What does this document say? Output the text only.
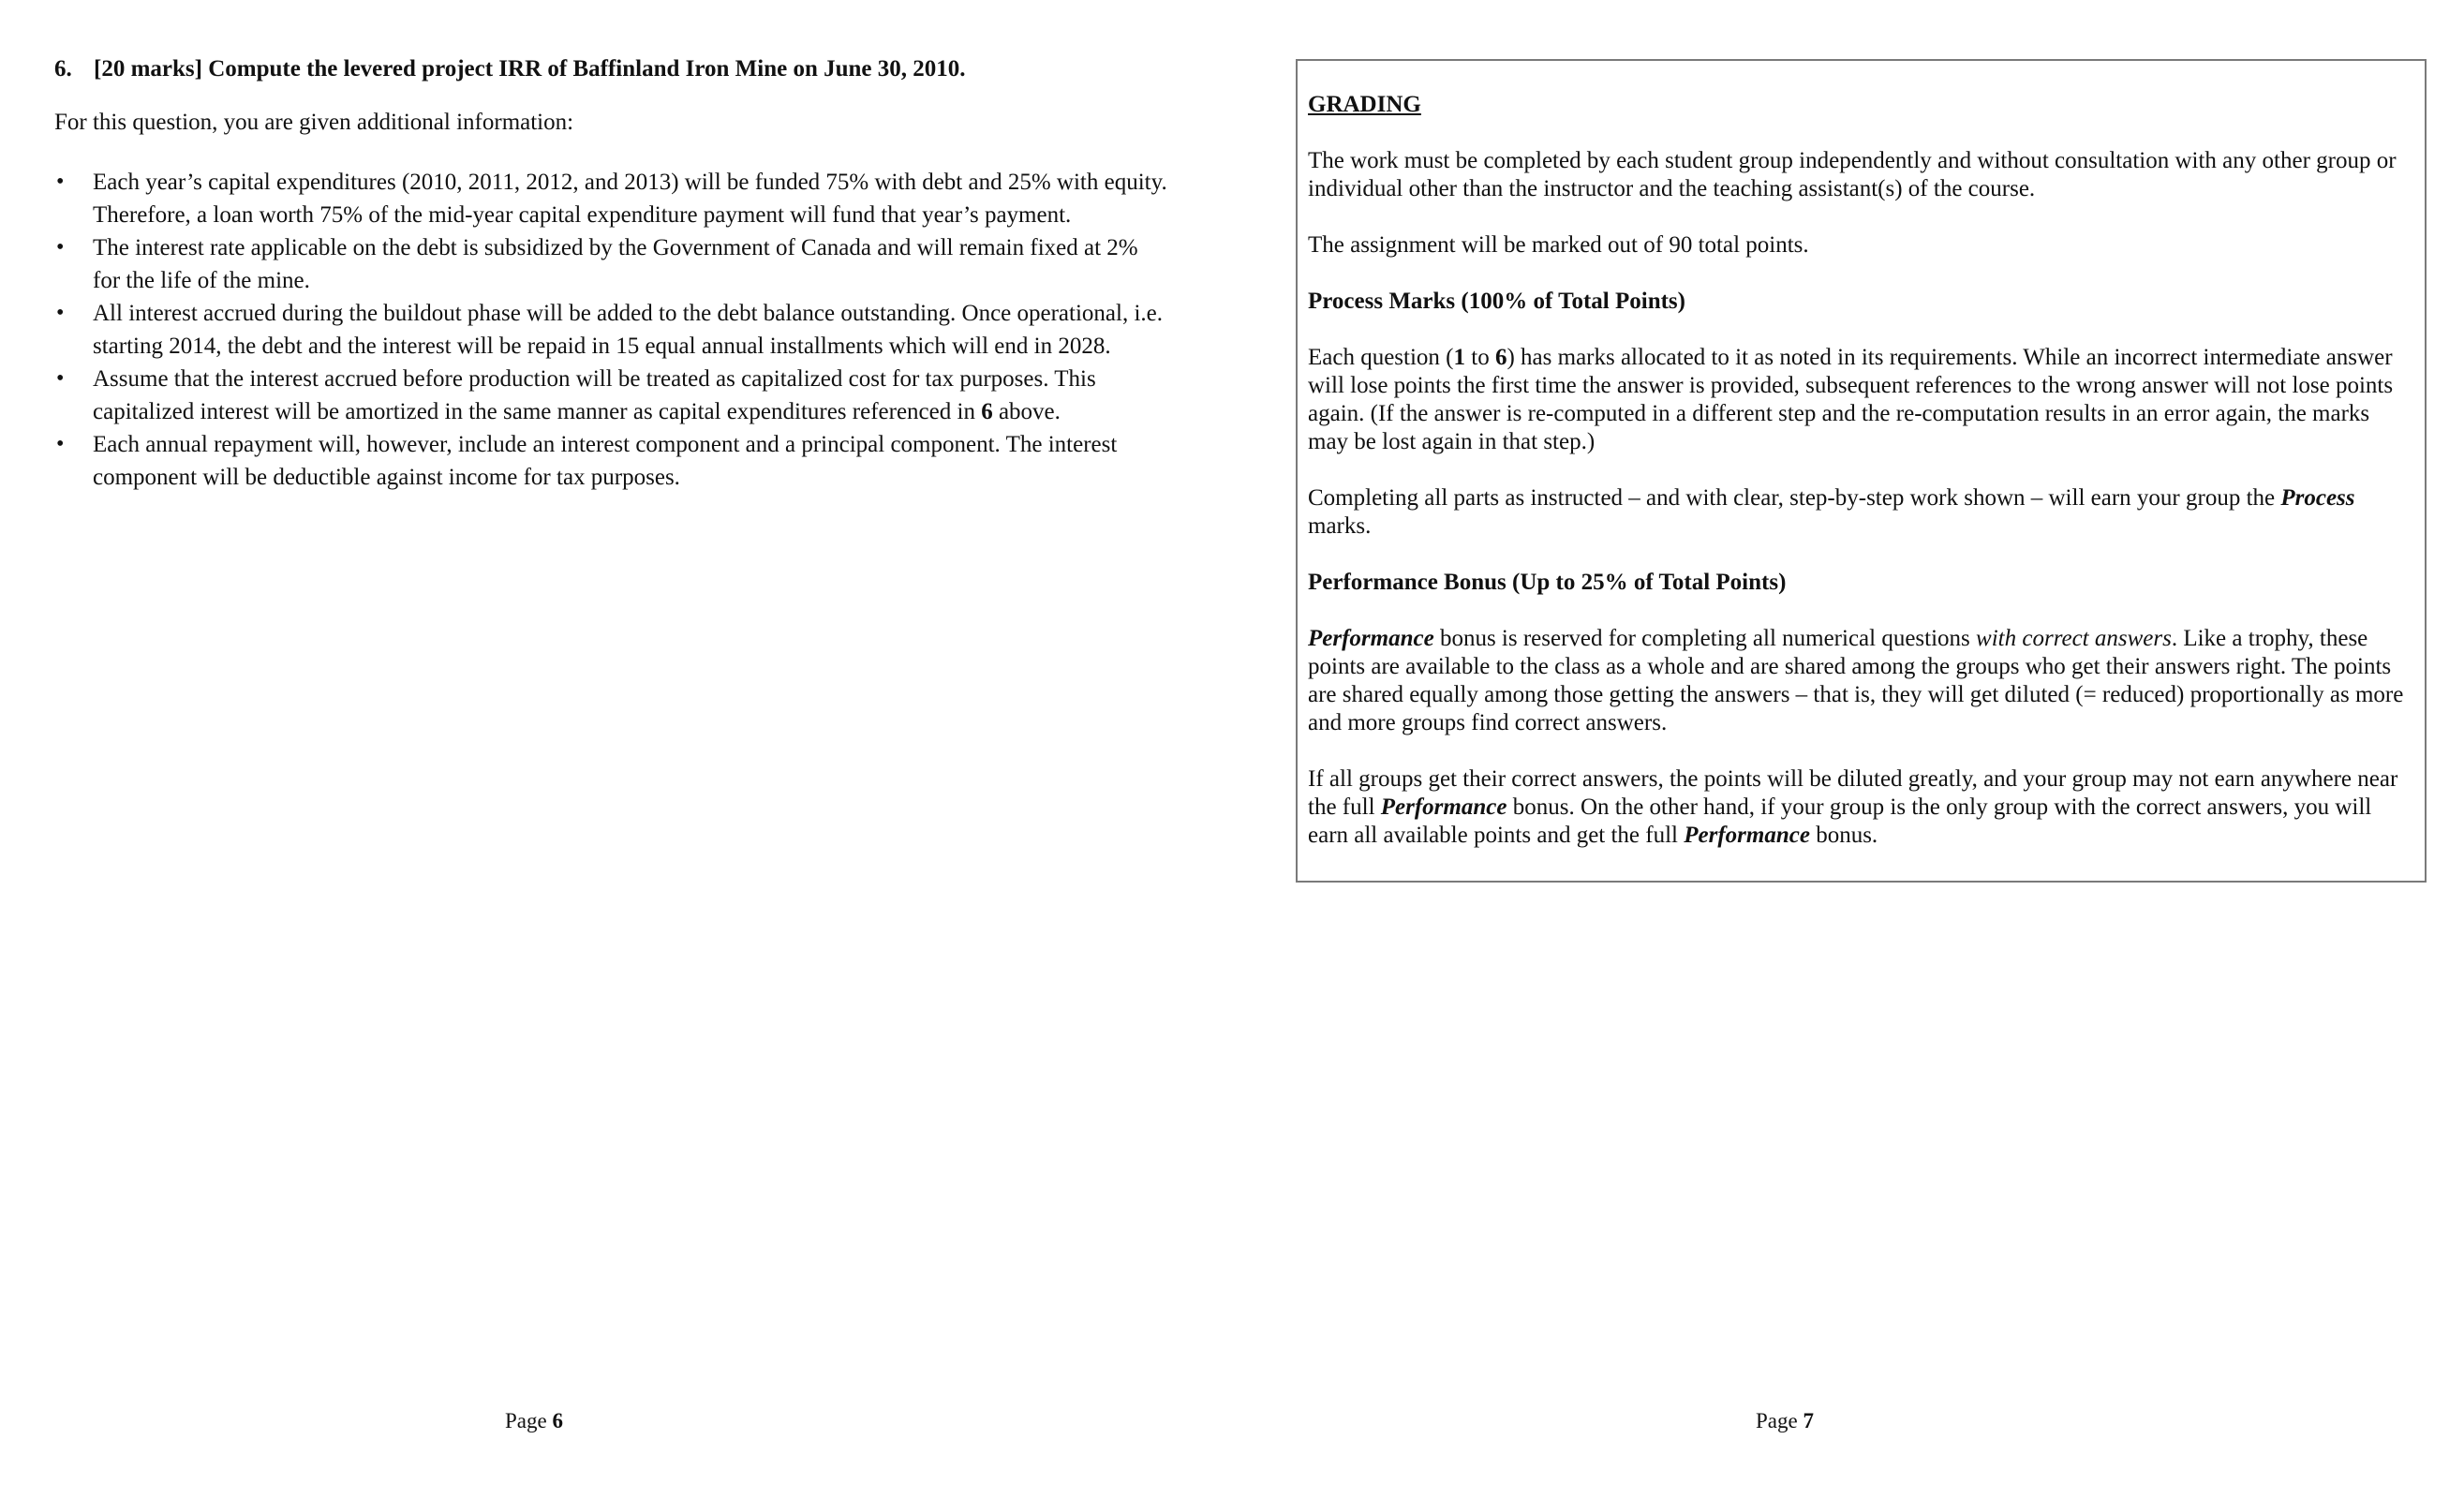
6. [20 marks] Compute the levered project IRR of Baffinland Iron Mine on June 30, 2010.
For this question, you are given additional information:
• Each year’s capital expenditures (2010, 2011, 2012, and 2013) will be funded 75% with debt and 25% with equity. Therefore, a loan worth 75% of the mid-year capital expenditure payment will fund that year’s payment.
• The interest rate applicable on the debt is subsidized by the Government of Canada and will remain fixed at 2% for the life of the mine.
• All interest accrued during the buildout phase will be added to the debt balance outstanding. Once operational, i.e. starting 2014, the debt and the interest will be repaid in 15 equal annual installments which will end in 2028.
• Assume that the interest accrued before production will be treated as capitalized cost for tax purposes. This capitalized interest will be amortized in the same manner as capital expenditures referenced in 6 above.
• Each annual repayment will, however, include an interest component and a principal component. The interest component will be deductible against income for tax purposes.
Page 6

GRADING

The work must be completed by each student group independently and without consultation with any other group or individual other than the instructor and the teaching assistant(s) of the course.

The assignment will be marked out of 90 total points.

Process Marks (100% of Total Points)

Each question (1 to 6) has marks allocated to it as noted in its requirements. While an incorrect intermediate answer will lose points the first time the answer is provided, subsequent references to the wrong answer will not lose points again. (If the answer is re-computed in a different step and the re-computation results in an error again, the marks may be lost again in that step.)

Completing all parts as instructed – and with clear, step-by-step work shown – will earn your group the Process marks.

Performance Bonus (Up to 25% of Total Points)

Performance bonus is reserved for completing all numerical questions with correct answers. Like a trophy, these points are available to the class as a whole and are shared among the groups who get their answers right. The points are shared equally among those getting the answers – that is, they will get diluted (= reduced) proportionally as more and more groups find correct answers.

If all groups get their correct answers, the points will be diluted greatly, and your group may not earn anywhere near the full Performance bonus. On the other hand, if your group is the only group with the correct answers, you will earn all available points and get the full Performance bonus.

Page 7
